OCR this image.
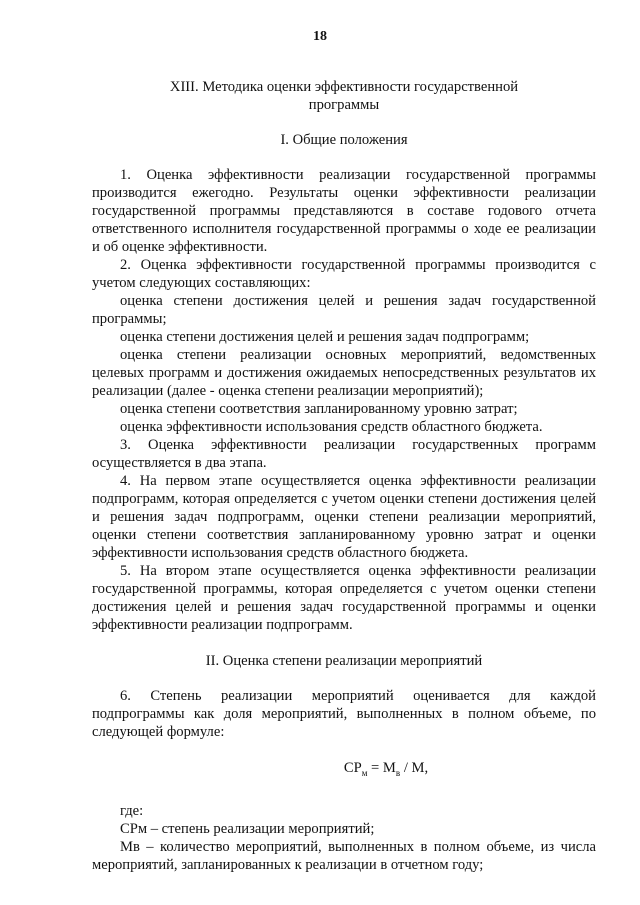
18
XIII. Методика оценки эффективности государственной
программы
I. Общие положения

1. Оценка эффективности реализации государственной программы производится ежегодно. Результаты оценки эффективности реализации государственной программы представляются в составе годового отчета ответственного исполнителя государственной программы о ходе ее реализации и об оценке эффективности.

2. Оценка эффективности государственной программы производится с учетом следующих составляющих:

оценка степени достижения целей и решения задач государственной программы;

оценка степени достижения целей и решения задач подпрограмм;

оценка степени реализации основных мероприятий, ведомственных целевых программ и достижения ожидаемых непосредственных результатов их реализации (далее - оценка степени реализации мероприятий);

оценка степени соответствия запланированному уровню затрат;

оценка эффективности использования средств областного бюджета.

3. Оценка эффективности реализации государственных программ осуществляется в два этапа.

4. На первом этапе осуществляется оценка эффективности реализации подпрограмм, которая определяется с учетом оценки степени достижения целей и решения задач подпрограмм, оценки степени реализации мероприятий, оценки степени соответствия запланированному уровню затрат и оценки эффективности использования средств областного бюджета.

5. На втором этапе осуществляется оценка эффективности реализации государственной программы, которая определяется с учетом оценки степени достижения целей и решения задач государственной программы и оценки эффективности реализации подпрограмм.

II. Оценка степени реализации мероприятий

6. Степень реализации мероприятий оценивается для каждой подпрограммы как доля мероприятий, выполненных в полном объеме, по следующей формуле:

$СР_м = М_в / М$,

где:

СРм – степень реализации мероприятий;

Мв – количество мероприятий, выполненных в полном объеме, из числа мероприятий, запланированных к реализации в отчетном году;
